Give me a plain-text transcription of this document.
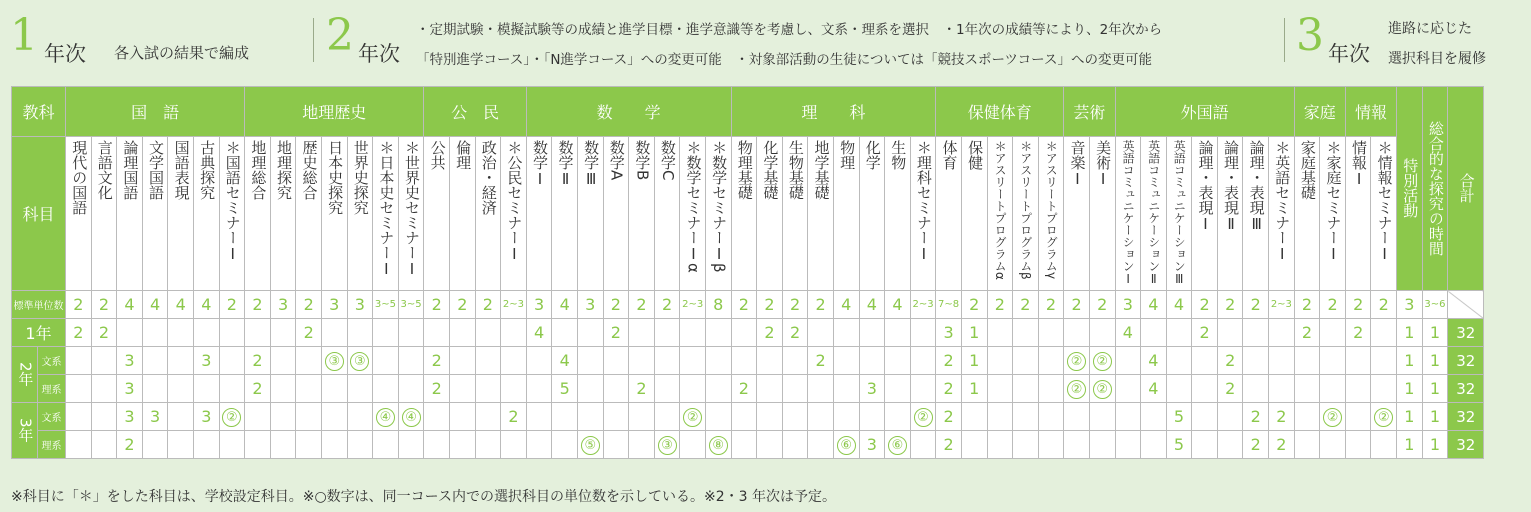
1 年次 各入試の結果で編成 2 年次
・定期試験・模擬試験等の成績と進学目標・進学意識等を考慮し、文系・理系を選択　・1年次の成績等により、2年次から
「特別進学コース」・「N進学コース」への変更可能　・対象部活動の生徒については「競技スポーツコース」への変更可能	3 年次
進路に応じた
選択科目を履修
教科		国　語							地理歴史							公　民				数　　学								理　　科								保健体育					芸術		外国語							家庭		情報		特別活動	総合的な探究の時間	合計
科目		現代の国語	言語文化	論理国語	文学国語	国語表現	古典探究	＊国語セミナーⅠ	地理総合	地理探究	歴史総合	日本史探究	世界史探究	＊日本史セミナーⅠ	＊世界史セミナーⅠ	公共	倫理	政治・経済	＊公民セミナーⅠ	数学Ⅰ	数学Ⅱ	数学Ⅲ	数学A	数学B	数学C	＊数学セミナーⅠα	＊数学セミナーⅠβ	物理基礎	化学基礎	生物基礎	地学基礎	物理	化学	生物	＊理科セミナーⅠ	体育	保健	＊アスリートプログラムα	＊アスリートプログラムβ	＊アスリートプログラムγ	音楽Ⅰ	美術Ⅰ	英語コミュニケーションⅠ	英語コミュニケーションⅡ	英語コミュニケーションⅢ	論理・表現Ⅰ	論理・表現Ⅱ	論理・表現Ⅲ	＊英語セミナーⅠ	家庭基礎	＊家庭セミナーⅠ	情報Ⅰ	＊情報セミナーⅠ			
標準単位数		2	2	4	4	4	4	2	2	3	2	3	3	3~5	3~5	2	2	2	2~3	3	4	3	2	2	2	2~3	8	2	2	2	2	4	4	4	2~3	7~8	2	2	2	2	2	2	3	4	4	2	2	2	2~3	2	2	2	2	3	3~6	
1年		2	2								2									4			2						2	2						3	1						4			2				2		2		1	1	32
2年	文系			3			3		2			③	③			2					4										2					2	1				②	②		4			2							1	1	32
	理系			3					2							2					5			2				2					3			2	1				②	②		4			2							1	1	32
3年	文系			3	3		3	②						④	④				2							②									②	2									5			2	2		②		②	1	1	32
	理系			2																		⑤			③		⑧					⑥	3	⑥		2									5			2	2					1	1	32
※科目に「＊」をした科目は、学校設定科目。※○数字は、同一コース内での選択科目の単位数を示している。※2・3 年次は予定。
